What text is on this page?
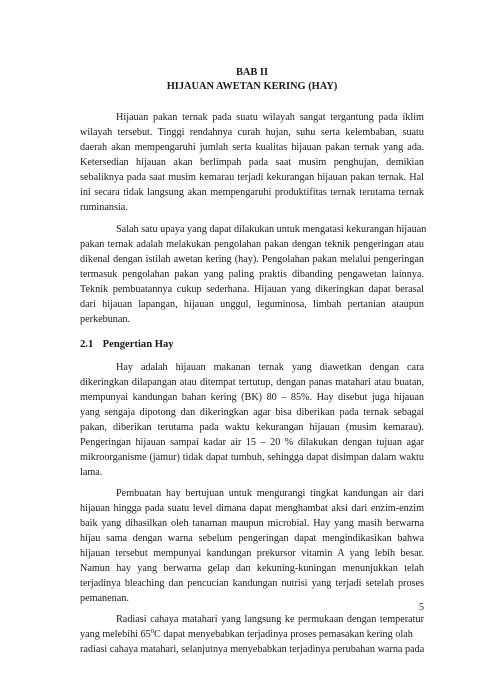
BAB II
HIJAUAN AWETAN KERING (HAY)
Hijauan pakan ternak pada suatu wilayah sangat tergantung pada iklim
wilayah tersebut. Tinggi rendahnya curah hujan, suhu serta kelembaban, suatu
daerah akan mempengaruhi jumlah serta kualitas hijauan pakan ternak yang ada.
Ketersedian hijauan akan berlimpah pada saat musim penghujan, demikian
sebaliknya pada saat musim kemarau terjadi kekurangan hijauan pakan ternak. Hal
ini secara tidak langsung akan mempengaruhi produktifitas ternak terutama ternak
ruminansia.
Salah satu upaya yang dapat dilakukan untuk mengatasi kekurangan hijauan
pakan ternak adalah melakukan pengolahan pakan dengan teknik pengeringan atau
dikenal dengan istilah awetan kering (hay). Pengolahan pakan melalui pengeringan
termasuk pengolahan pakan yang paling praktis dibanding pengawetan lainnya.
Teknik pembuatannya cukup sederhana. Hijauan yang dikeringkan dapat berasal
dari hijauan lapangan, hijauan unggul, leguminosa, limbah pertanian ataupun
perkebunan.
2.1 Pengertian Hay
Hay adalah hijauan makanan ternak yang diawetkan dengan cara
dikeringkan dilapangan atau ditempat tertutup, dengan panas matahari atau buatan,
mempunyai kandungan bahan kering (BK) 80 – 85%. Hay disebut juga hijauan
yang sengaja dipotong dan dikeringkan agar bisa diberikan pada ternak sebagai
pakan, diberikan terutama pada waktu kekurangan hijauan (musim kemarau).
Pengeringan hijauan sampai kadar air 15 – 20 % dilakukan dengan tujuan agar
mikroorganisme (jamur) tidak dapat tumbuh, sehingga dapat disimpan dalam waktu
lama.
Pembuatan hay bertujuan untuk mengurangi tingkat kandungan air dari
hijauan hingga pada suatu level dimana dapat menghambat aksi dari enzim-enzim
baik yang dihasilkan oleh tanaman maupun microbial. Hay yang masih berwarna
hijau sama dengan warna sebelum pengeringan dapat mengindikasikan bahwa
hijauan tersebut mempunyai kandungan prekursor vitamin A yang lebih besar.
Namun hay yang berwarna gelap dan kekuning-kuningan menunjukkan telah
terjadinya bleaching dan pencucian kandungan nutrisi yang terjadi setelah proses
pemanenan.
Radiasi cahaya matahari yang langsung ke permukaan dengan temperatur
yang melebihi $65^0C$ dapat menyebabkan terjadinya proses pemasakan kering olah
radiasi cahaya matahari, selanjutnya menyebabkan terjadinya perubahan warna pada
5
